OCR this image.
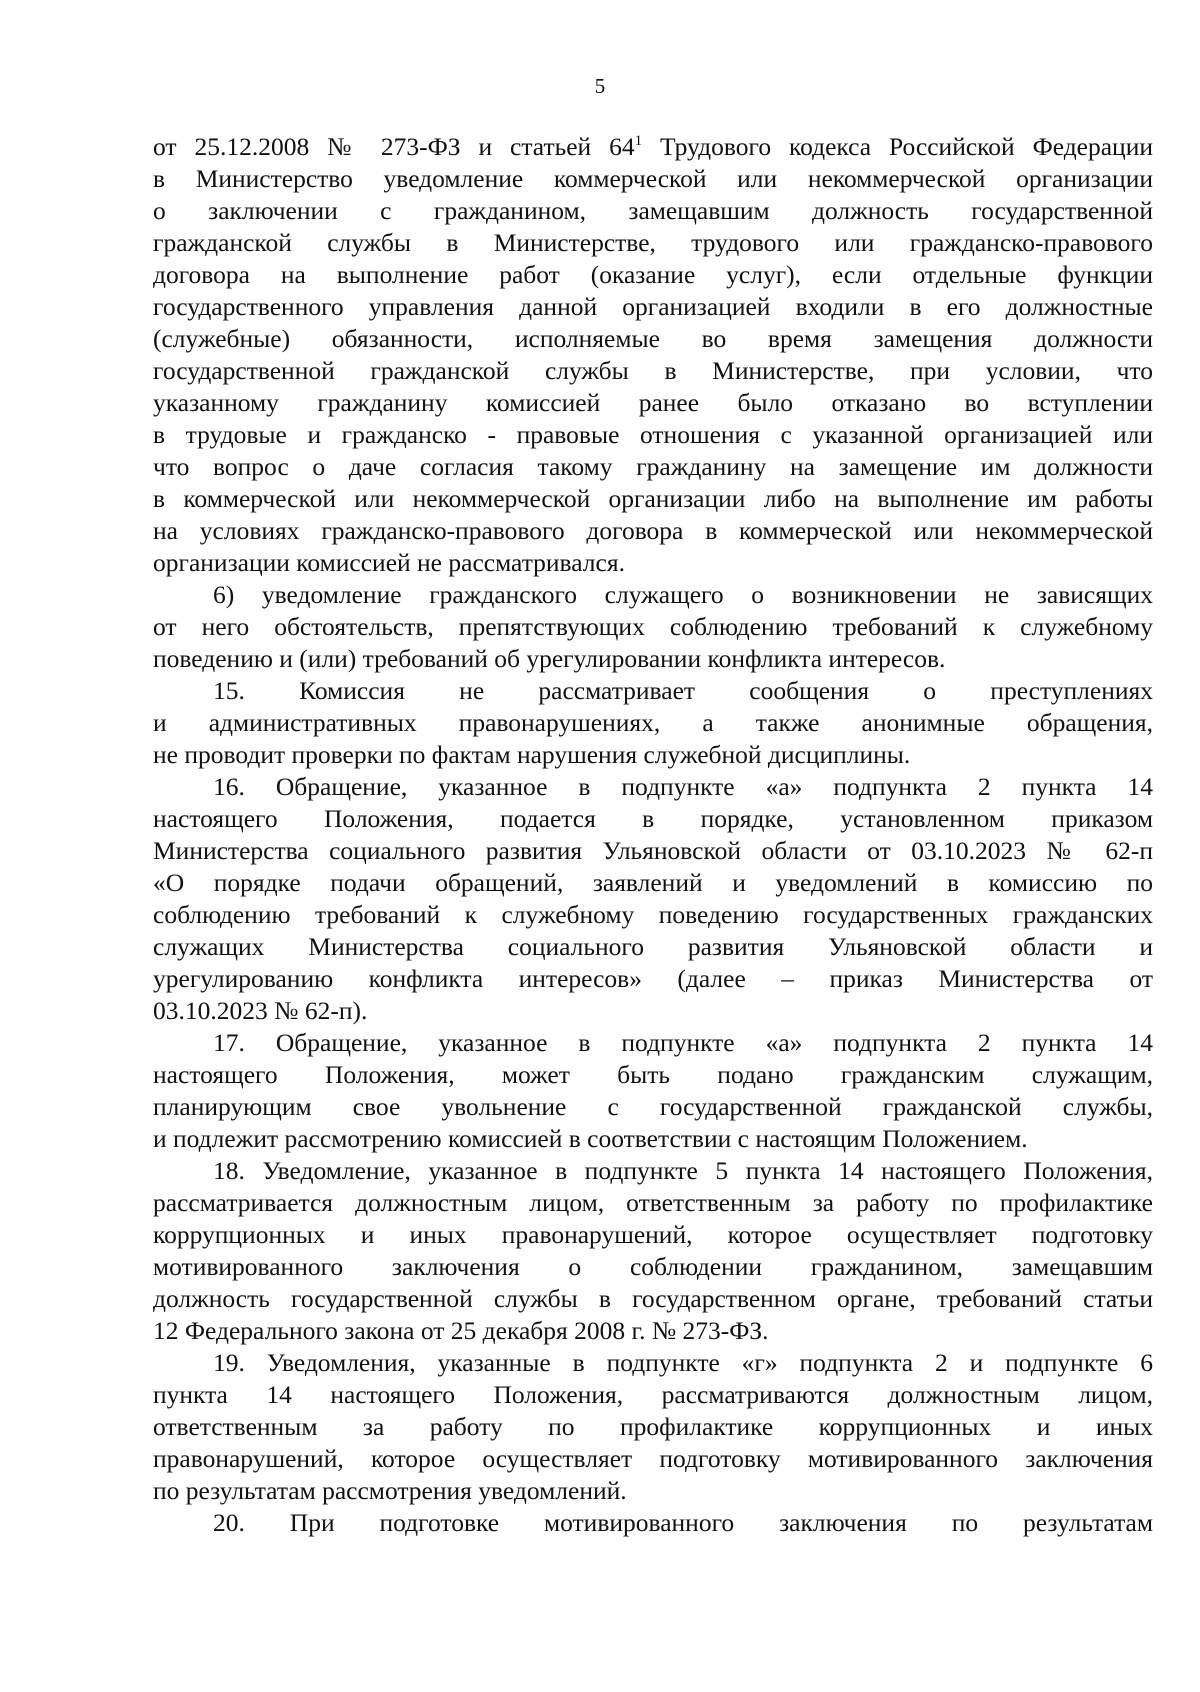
5
от 25.12.2008 № 273-ФЗ и статьей $64^1$ Трудового кодекса Российской Федерации
в Министерство уведомление коммерческой или некоммерческой организации
о заключении с гражданином, замещавшим должность государственной
гражданской службы в Министерстве, трудового или гражданско-правового
договора на выполнение работ (оказание услуг), если отдельные функции
государственного управления данной организацией входили в его должностные
(служебные) обязанности, исполняемые во время замещения должности
государственной гражданской службы в Министерстве, при условии, что
указанному гражданину комиссией ранее было отказано во вступлении
в трудовые и гражданско - правовые отношения с указанной организацией или
что вопрос о даче согласия такому гражданину на замещение им должности
в коммерческой или некоммерческой организации либо на выполнение им работы
на условиях гражданско-правового договора в коммерческой или некоммерческой
организации комиссией не рассматривался.
6) уведомление гражданского служащего о возникновении не зависящих
от него обстоятельств, препятствующих соблюдению требований к служебному
поведению и (или) требований об урегулировании конфликта интересов.
15. Комиссия не рассматривает сообщения о преступлениях
и административных правонарушениях, а также анонимные обращения,
не проводит проверки по фактам нарушения служебной дисциплины.
16. Обращение, указанное в подпункте «а» подпункта 2 пункта 14
настоящего Положения, подается в порядке, установленном приказом
Министерства социального развития Ульяновской области от 03.10.2023 № 62-п
«О порядке подачи обращений, заявлений и уведомлений в комиссию по
соблюдению требований к служебному поведению государственных гражданских
служащих Министерства социального развития Ульяновской области и
урегулированию конфликта интересов» (далее – приказ Министерства от
03.10.2023 № 62-п).
17. Обращение, указанное в подпункте «а» подпункта 2 пункта 14
настоящего Положения, может быть подано гражданским служащим,
планирующим свое увольнение с государственной гражданской службы,
и подлежит рассмотрению комиссией в соответствии с настоящим Положением.
18. Уведомление, указанное в подпункте 5 пункта 14 настоящего Положения,
рассматривается должностным лицом, ответственным за работу по профилактике
коррупционных и иных правонарушений, которое осуществляет подготовку
мотивированного заключения о соблюдении гражданином, замещавшим
должность государственной службы в государственном органе, требований статьи
12 Федерального закона от 25 декабря 2008 г. № 273-ФЗ.
19. Уведомления, указанные в подпункте «г» подпункта 2 и подпункте 6
пункта 14 настоящего Положения, рассматриваются должностным лицом,
ответственным за работу по профилактике коррупционных и иных
правонарушений, которое осуществляет подготовку мотивированного заключения
по результатам рассмотрения уведомлений.
20. При подготовке мотивированного заключения по результатам
